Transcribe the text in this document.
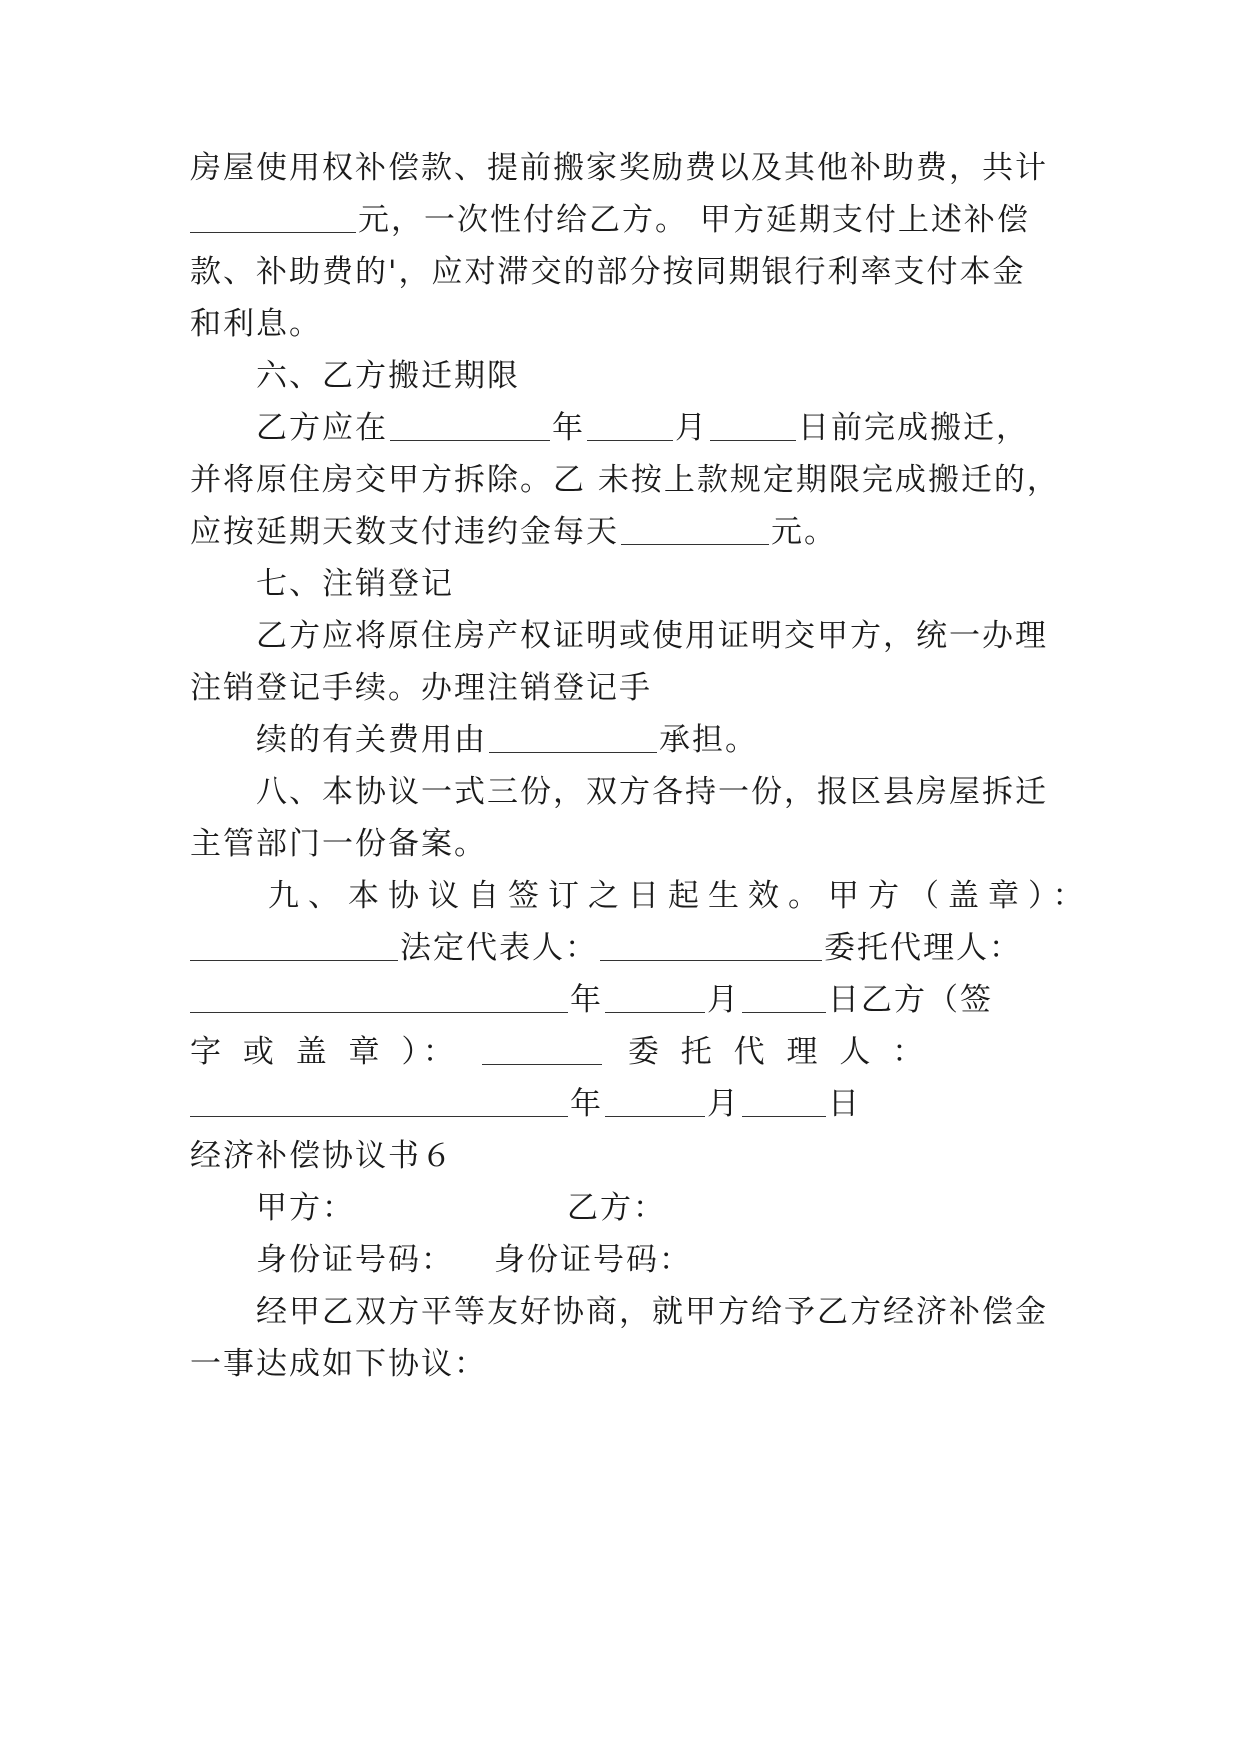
房屋使用权补偿款、提前搬家奖励费以及其他补助费，共计
元，一次性付给乙方。 甲方延期支付上述补偿
款、补助费的'，应对滞交的部分按同期银行利率支付本金
和利息。
六、乙方搬迁期限
乙方应在	年	月	日前完成搬迁，
并将原住房交甲方拆除。乙 未按上款规定期限完成搬迁的，
应按延期天数支付违约金每天	元。
七、注销登记
乙方应将原住房产权证明或使用证明交甲方，统一办理
注销登记手续。办理注销登记手
续的有关费用由	承担。
八、本协议一式三份，双方各持一份，报区县房屋拆迁
主管部门一份备案。
九、本协议自签订之日起生效。甲方（盖章）：
法定代表人：	委托代理人：
年	月	日乙方（签
字 或 盖 章 ）：	委 托 代 理 人 ：
年	月	日
经济补偿协议书６
甲方：	乙方：
身份证号码： 身份证号码：
经甲乙双方平等友好协商，就甲方给予乙方经济补偿金
一事达成如下协议：
